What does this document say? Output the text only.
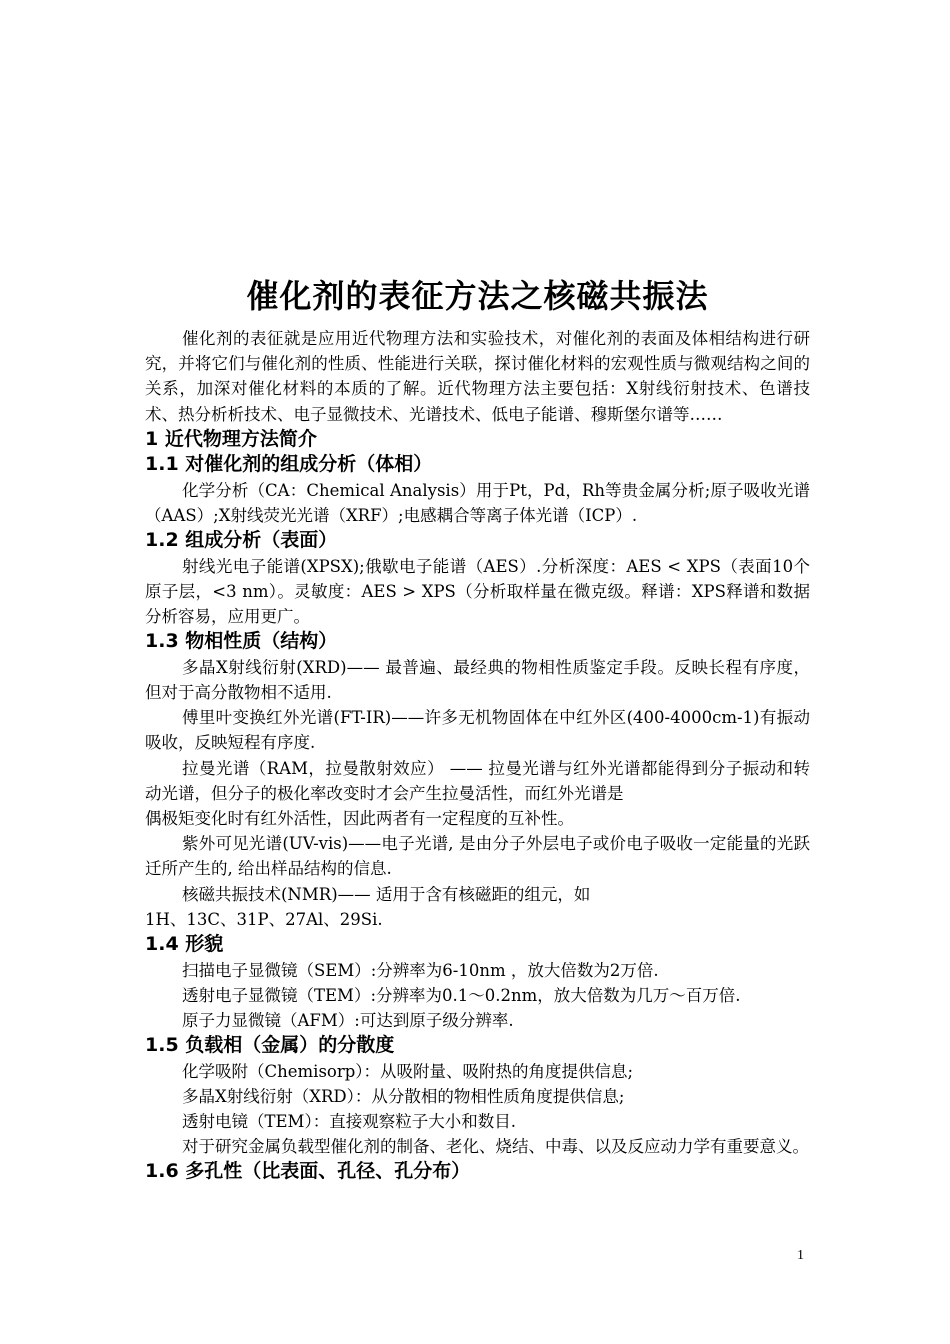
催化剂的表征方法之核磁共振法

催化剂的表征就是应用近代物理方法和实验技术，对催化剂的表面及体相结构进行研究，并将它们与催化剂的性质、性能进行关联，探讨催化材料的宏观性质与微观结构之间的关系，加深对催化材料的本质的了解。近代物理方法主要包括：X射线衍射技术、色谱技术、热分析析技术、电子显微技术、光谱技术、低电子能谱、穆斯堡尔谱等……

1 近代物理方法简介
1.1 对催化剂的组成分析（体相）

化学分析（CA：Chemical Analysis）用于Pt，Pd，Rh等贵金属分析;原子吸收光谱（AAS）;X射线荧光光谱（XRF）;电感耦合等离子体光谱（ICP）.

1.2 组成分析（表面）

射线光电子能谱(XPSX);俄歇电子能谱（AES）.分析深度：AES < XPS（表面10个原子层，<3 nm）。灵敏度：AES > XPS（分析取样量在微克级。释谱：XPS释谱和数据分析容易，应用更广。

1.3 物相性质（结构）

多晶X射线衍射(XRD)—— 最普遍、最经典的物相性质鉴定手段。反映长程有序度，但对于高分散物相不适用.

傅里叶变换红外光谱(FT-IR)——许多无机物固体在中红外区(400-4000cm-1)有振动吸收，反映短程有序度.

拉曼光谱（RAM，拉曼散射效应） —— 拉曼光谱与红外光谱都能得到分子振动和转动光谱，但分子的极化率改变时才会产生拉曼活性，而红外光谱是

偶极矩变化时有红外活性，因此两者有一定程度的互补性。

紫外可见光谱(UV-vis)——电子光谱, 是由分子外层电子或价电子吸收一定能量的光跃迁所产生的, 给出样品结构的信息.

核磁共振技术(NMR)—— 适用于含有核磁距的组元，如

1H、13C、31P、27Al、29Si.

1.4 形貌

扫描电子显微镜（SEM）:分辨率为6-10nm ，放大倍数为2万倍.

透射电子显微镜（TEM）:分辨率为0.1～0.2nm，放大倍数为几万～百万倍.

原子力显微镜（AFM）:可达到原子级分辨率.

1.5 负载相（金属）的分散度

化学吸附（Chemisorp）：从吸附量、吸附热的角度提供信息;

多晶X射线衍射（XRD）：从分散相的物相性质角度提供信息;

透射电镜（TEM）：直接观察粒子大小和数目.

对于研究金属负载型催化剂的制备、老化、烧结、中毒、以及反应动力学有重要意义。

1.6 多孔性（比表面、孔径、孔分布）
1
